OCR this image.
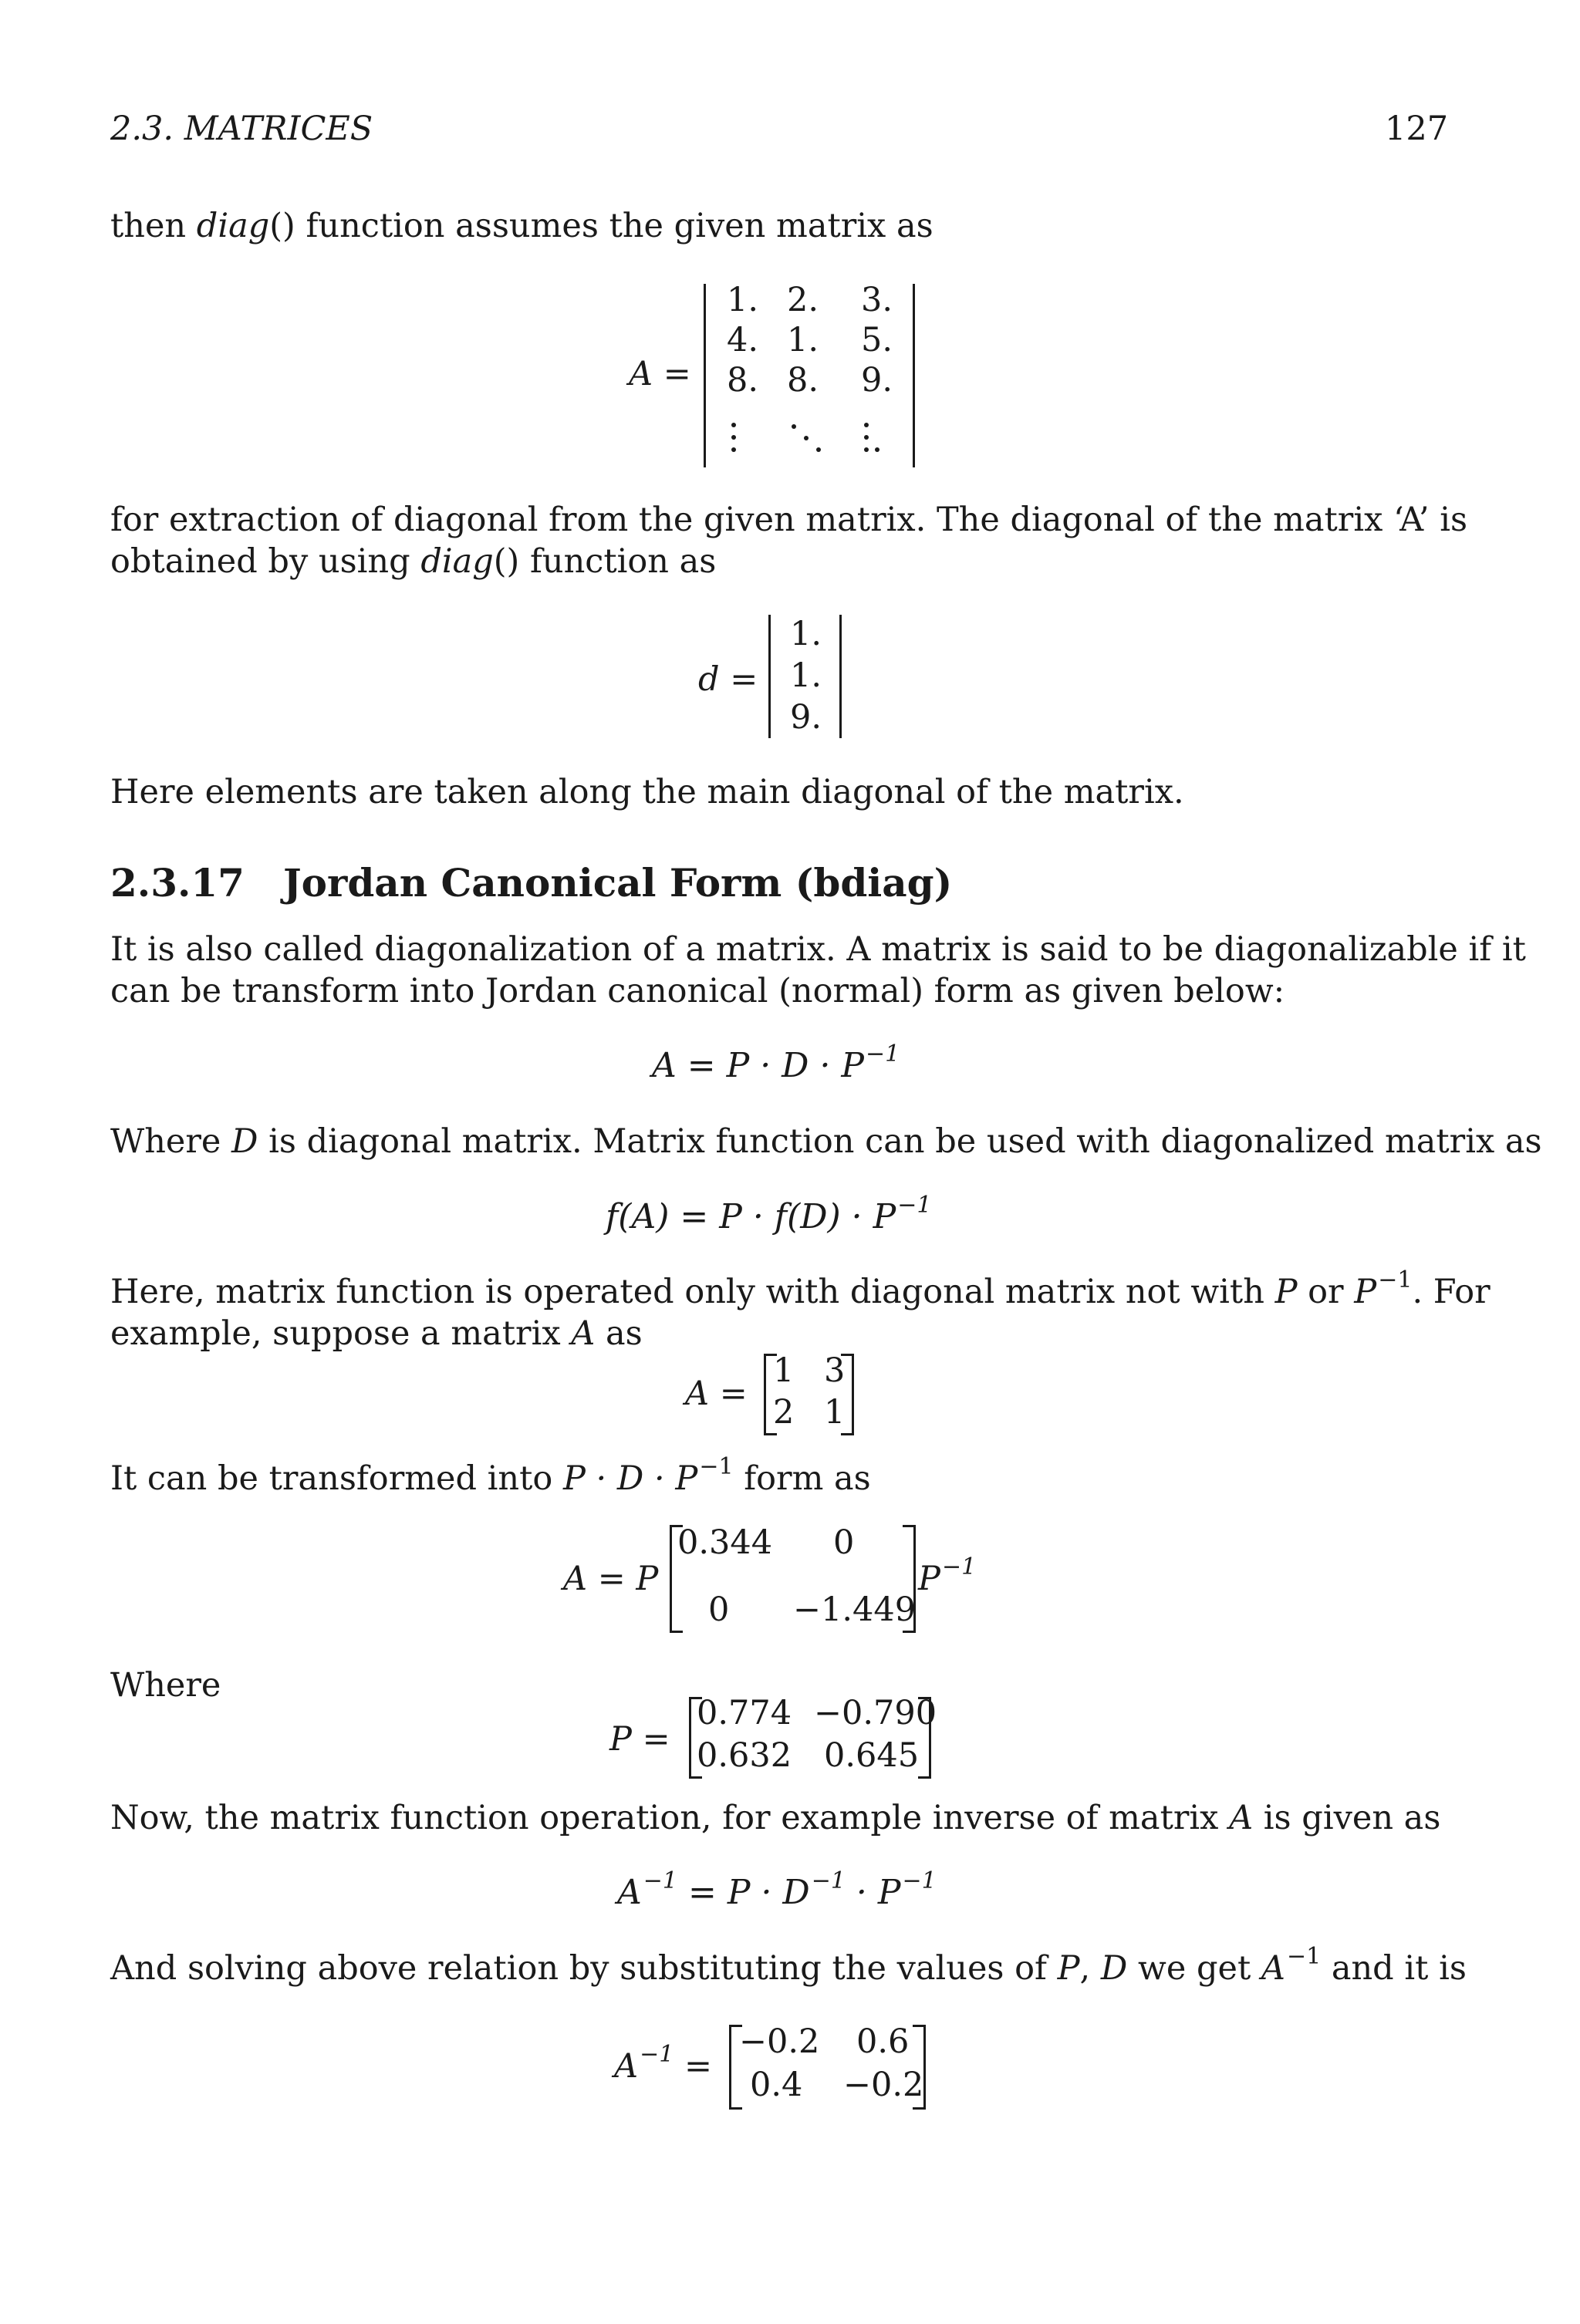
2.3. MATRICES	127
then diag() function assumes the given matrix as
A =
1. 2. 3.
4. 1. 5.
8. 8. 9.
for extraction of diagonal from the given matrix. The diagonal of the matrix ‘A’ is
obtained by using diag() function as
d =
1.
1.
9.
Here elements are taken along the main diagonal of the matrix.
2.3.17 Jordan Canonical Form (bdiag)
It is also called diagonalization of a matrix. A matrix is said to be diagonalizable if it
can be transform into Jordan canonical (normal) form as given below:
$A = P \cdot D \cdot P^{-1}$
Where D is diagonal matrix. Matrix function can be used with diagonalized matrix as
$f(A) = P \cdot f(D) \cdot P^{-1}$
Here, matrix function is operated only with diagonal matrix not with P or $P^{-1}$. For
example, suppose a matrix A as
A =
1 3
2 1
It can be transformed into $P \cdot D \cdot P^{-1}$ form as
A = P
0.344 0
0 −1.449
$P^{-1}$
Where
P =
0.774 −0.790
0.632 0.645
Now, the matrix function operation, for example inverse of matrix A is given as
$A^{-1} = P \cdot D^{-1} \cdot P^{-1}$
And solving above relation by substituting the values of P, D we get $A^{-1}$ and it is
$A^{-1}$ =
−0.2 0.6
0.4 −0.2
